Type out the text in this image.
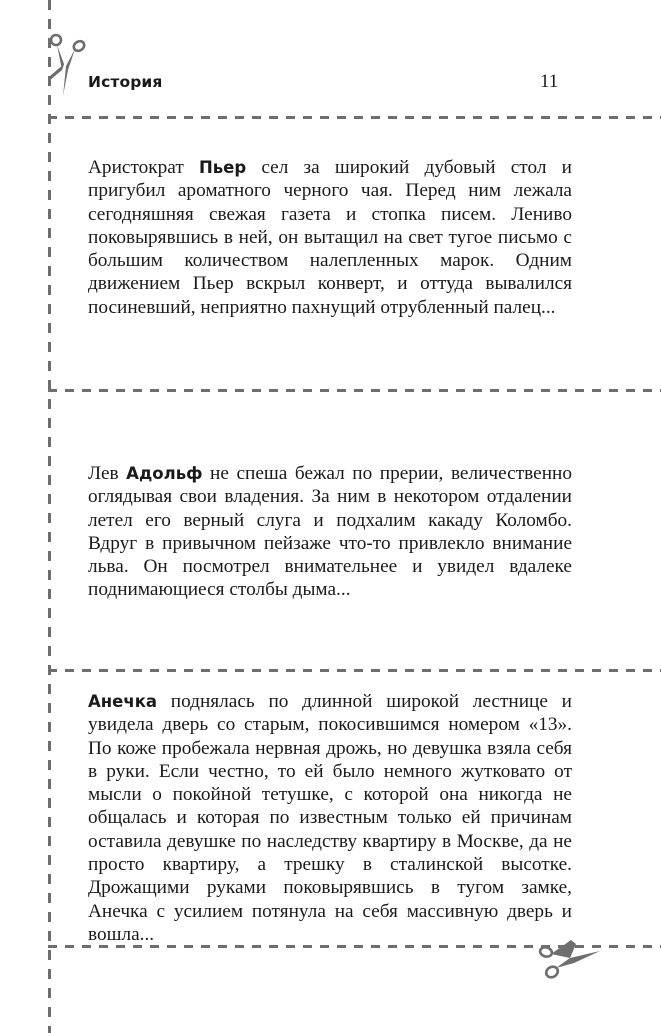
История	11

Аристократ Пьер сел за широкий дубовый стол и пригубил ароматного черного чая. Перед ним лежала сегодняшняя свежая газета и стопка писем. Лениво поковырявшись в ней, он вытащил на свет тугое письмо с большим количеством налепленных марок. Одним движением Пьер вскрыл конверт, и оттуда вывалился посиневший, неприятно пахнущий отрубленный палец...

Лев Адольф не спеша бежал по прерии, величественно оглядывая свои владения. За ним в некотором отдалении летел его верный слуга и подхалим какаду Коломбо. Вдруг в привычном пейзаже что-то привлекло внимание льва. Он посмотрел внимательнее и увидел вдалеке поднимающиеся столбы дыма...

Анечка поднялась по длинной широкой лестнице и увидела дверь со старым, покосившимся номером «13». По коже пробежала нервная дрожь, но девушка взяла себя в руки. Если честно, то ей было немного жутковато от мысли о покойной тетушке, с которой она никогда не общалась и которая по известным только ей причинам оставила девушке по наследству квартиру в Москве, да не просто квартиру, а трешку в сталинской высотке. Дрожащими руками поковырявшись в тугом замке, Анечка с усилием потянула на себя массивную дверь и вошла...
